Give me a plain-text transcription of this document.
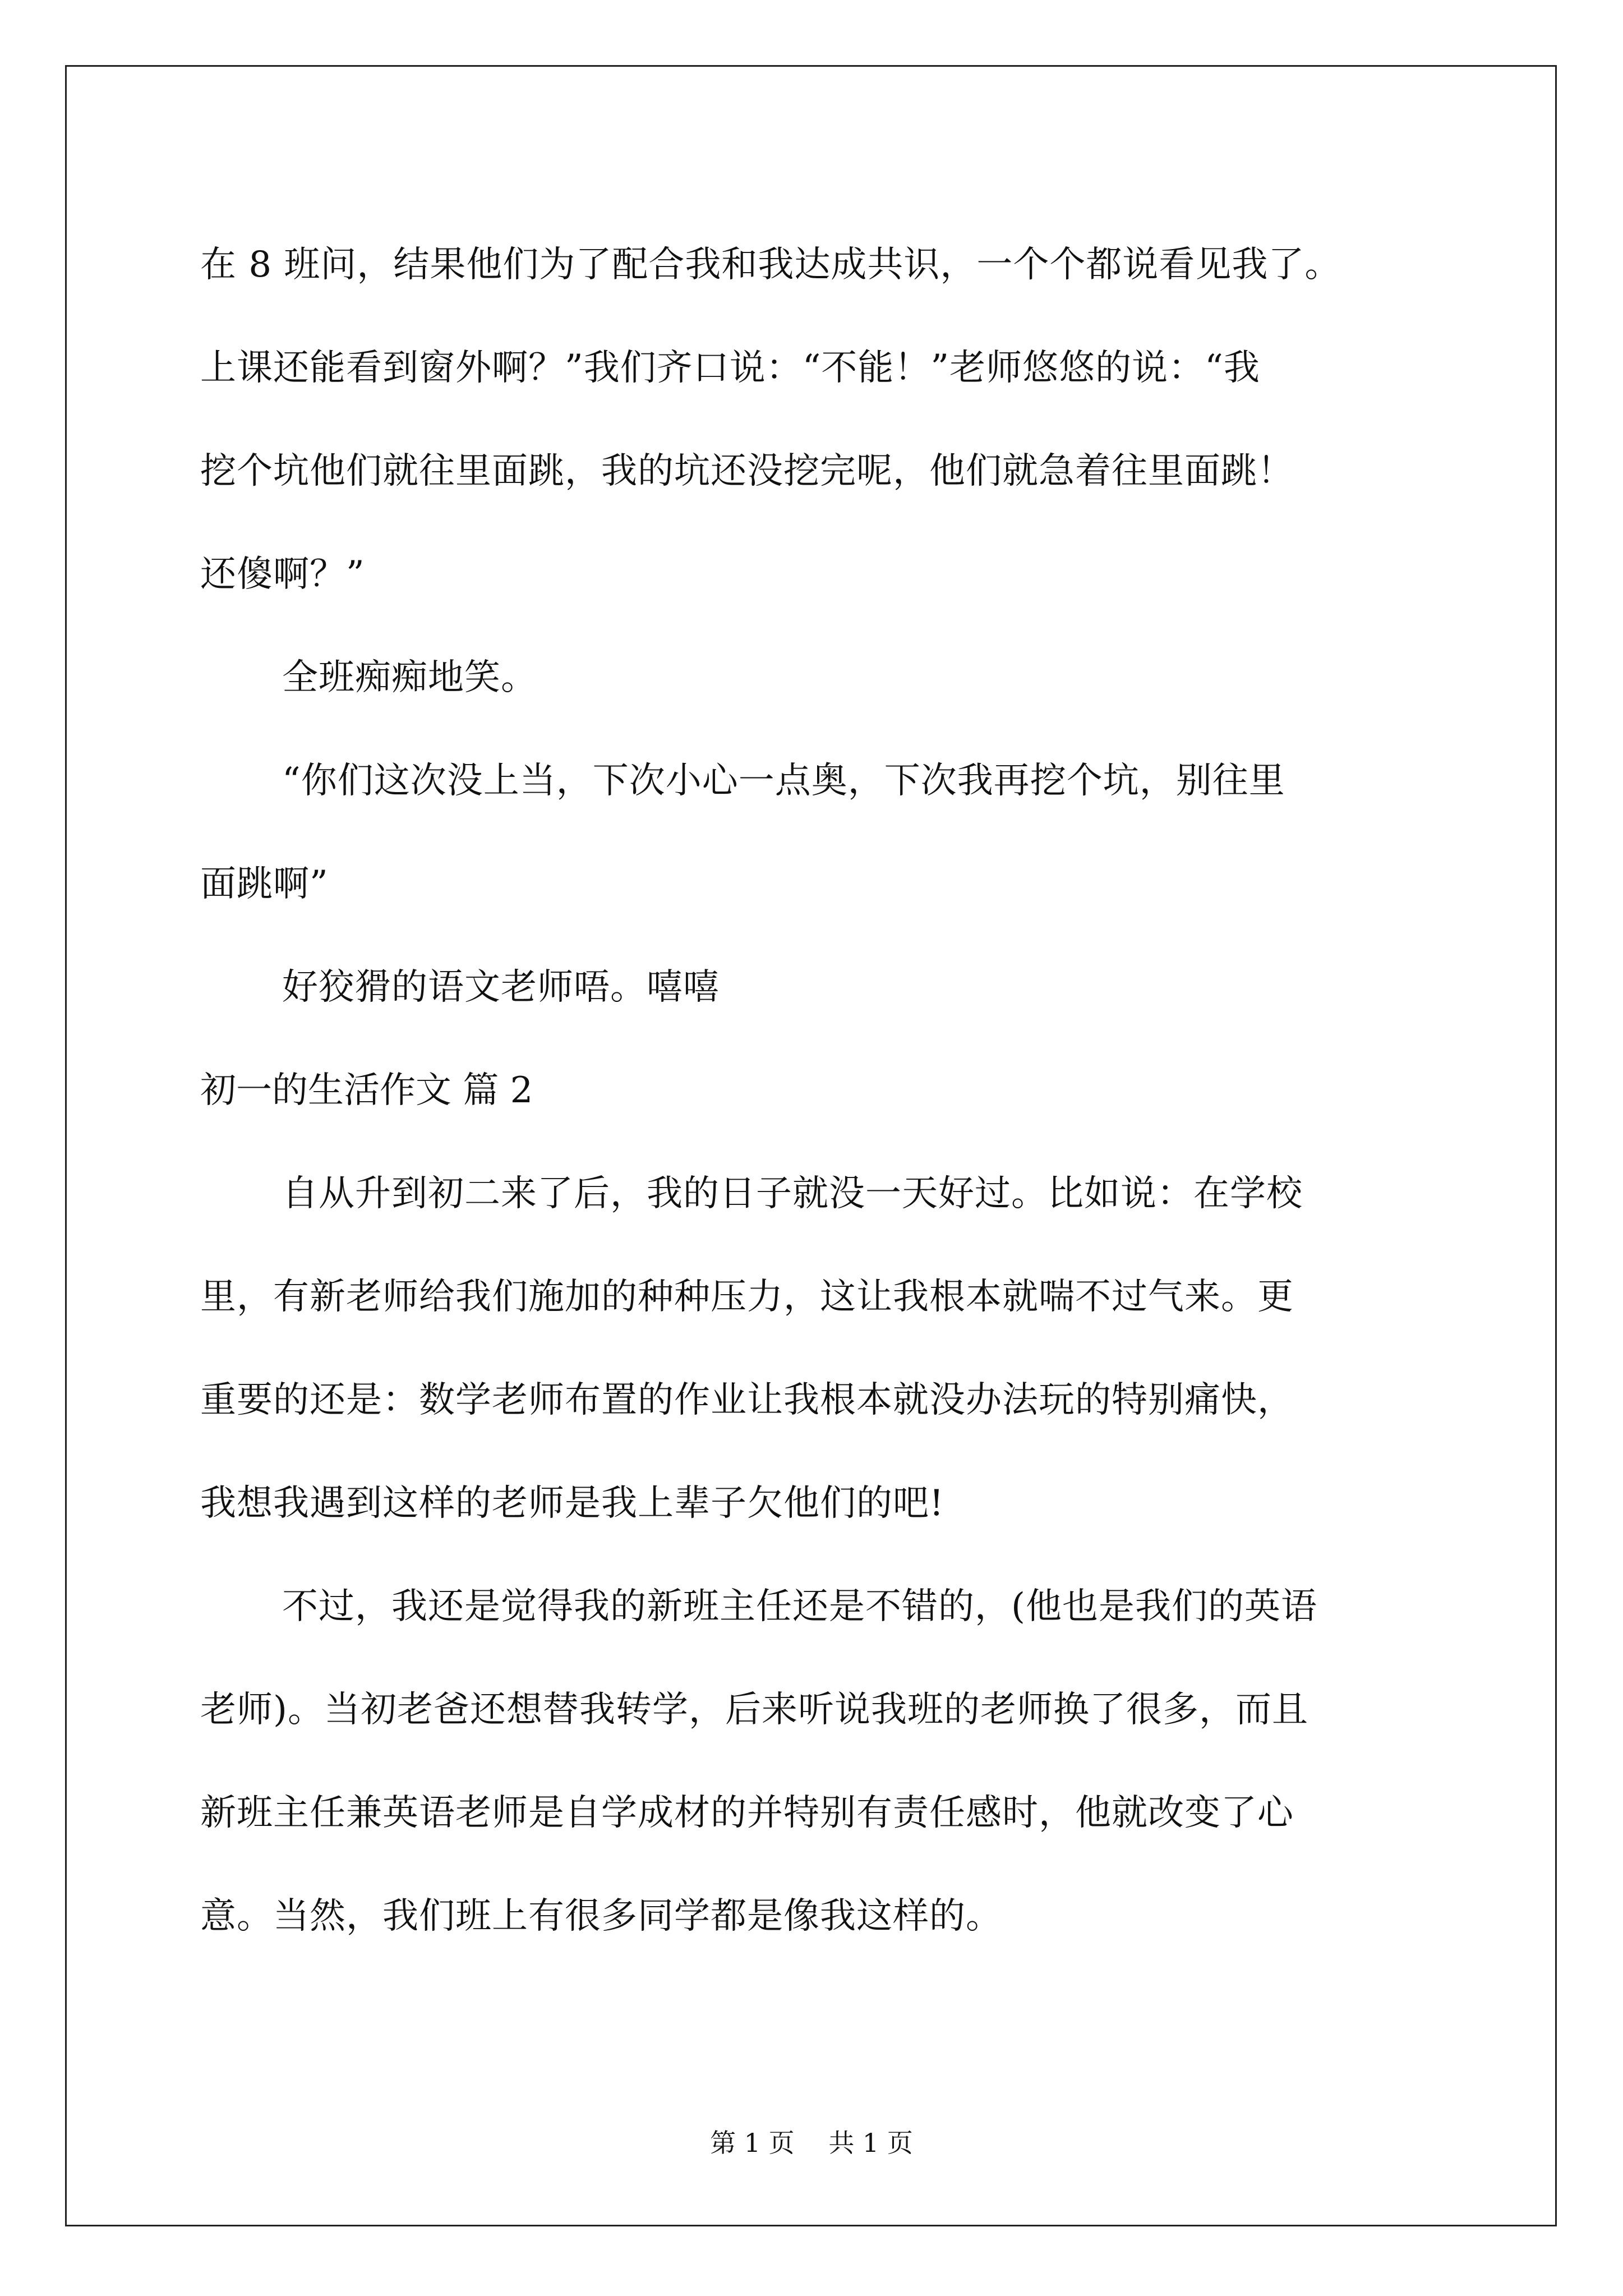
在 8 班问，结果他们为了配合我和我达成共识，一个个都说看见我了。
上课还能看到窗外啊？”我们齐口说：“不能！”老师悠悠的说：“我
挖个坑他们就往里面跳，我的坑还没挖完呢，他们就急着往里面跳！
还傻啊？”
全班痴痴地笑。
“你们这次没上当，下次小心一点奥，下次我再挖个坑，别往里
面跳啊”
好狡猾的语文老师唔。嘻嘻
初一的生活作文 篇 2
自从升到初二来了后，我的日子就没一天好过。比如说：在学校
里，有新老师给我们施加的种种压力，这让我根本就喘不过气来。更
重要的还是：数学老师布置的作业让我根本就没办法玩的特别痛快，
我想我遇到这样的老师是我上辈子欠他们的吧!
不过，我还是觉得我的新班主任还是不错的，(他也是我们的英语
老师)。当初老爸还想替我转学，后来听说我班的老师换了很多，而且
新班主任兼英语老师是自学成材的并特别有责任感时，他就改变了心
意。当然，我们班上有很多同学都是像我这样的。
第 1 页 共 1 页
